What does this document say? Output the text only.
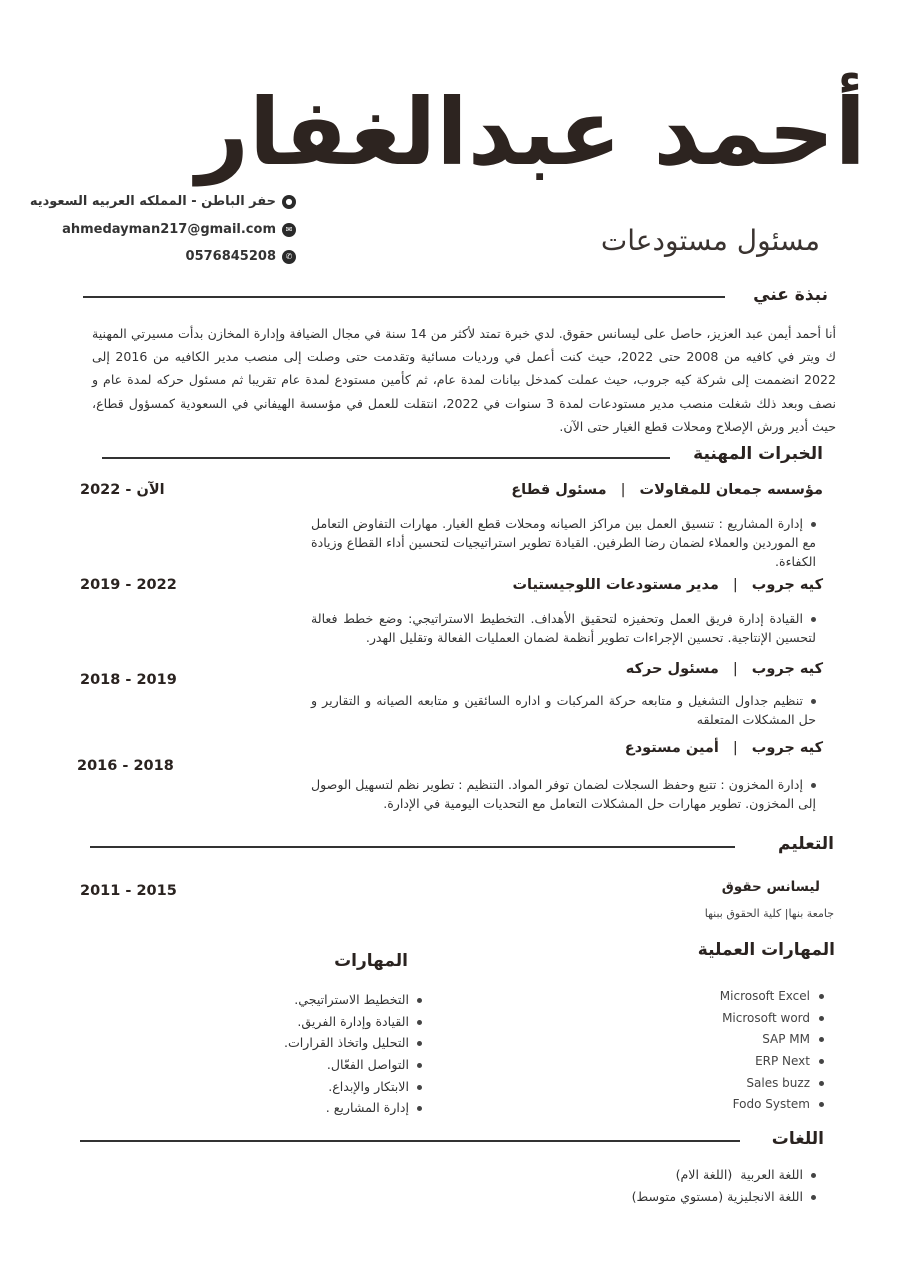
أحمد عبدالغفار
مسئول مستودعات
●
حفر الباطن - المملكه العربيه السعوديه
✉
ahmedayman217@gmail.com
✆
0576845208
نبذة عني
أنا أحمد أيمن عبد العزيز، حاصل على ليسانس حقوق. لدي خبرة تمتد لأكثر من 14 سنة في مجال الضيافة وإدارة المخازن بدأت مسيرتي المهنية ك ويتر في كافيه من 2008 حتى 2022، حيث كنت أعمل في ورديات مسائية وتقدمت حتى وصلت إلى منصب مدير الكافيه من 2016 إلى 2022 انضممت إلى شركة كيه جروب، حيث عملت كمدخل بيانات لمدة عام، ثم كأمين مستودع لمدة عام تقريبا ثم مسئول حركه لمدة عام و نصف وبعد ذلك شغلت منصب مدير مستودعات لمدة 3 سنوات في 2022، انتقلت للعمل في مؤسسة الهيفاني في السعودية كمسؤول قطاع، حيث أدير ورش الإصلاح ومحلات قطع الغيار حتى الآن.
الخبرات المهنية
مؤسسه جمعان للمقاولات|مسئول قطاع
2022 - الآن
إدارة المشاريع : تنسيق العمل بين مراكز الصيانه ومحلات قطع الغيار. مهارات التفاوض التعامل مع الموردين والعملاء لضمان رضا الطرفين. القيادة تطوير استراتيجيات لتحسين أداء القطاع وزيادة الكفاءة.
كيه جروب|مدير مستودعات اللوجيستيات
2019 - 2022
القيادة إدارة فريق العمل وتحفيزه لتحقيق الأهداف. التخطيط الاستراتيجي: وضع خطط فعالة لتحسين الإنتاجية. تحسين الإجراءات تطوير أنظمة لضمان العمليات الفعالة وتقليل الهدر.
كيه جروب|مسئول حركه
2018 - 2019
تنظيم جداول التشغيل و متابعه حركة المركبات و اداره السائقين و متابعه الصيانه و التقارير و حل المشكلات المتعلقه
كيه جروب|أمين مستودع
2016 - 2018
إدارة المخزون : تتبع وحفظ السجلات لضمان توفر المواد. التنظيم : تطوير نظم لتسهيل الوصول إلى المخزون. تطوير مهارات حل المشكلات التعامل مع التحديات اليومية في الإدارة.
التعليم
ليسانس حقوق
جامعة بنها| كلية الحقوق ببنها
2011 - 2015
المهارات العملية
Microsoft Excel
Microsoft word
SAP MM
ERP Next
Sales buzz
Fodo System
المهارات
التخطيط الاستراتيجي.
القيادة وإدارة الفريق.
التحليل واتخاذ القرارات.
التواصل الفعّال.
الابتكار والإبداع.
إدارة المشاريع .
اللغات
اللغة العربية  (اللغة الام)
اللغة الانجليزية (مستوي متوسط)
